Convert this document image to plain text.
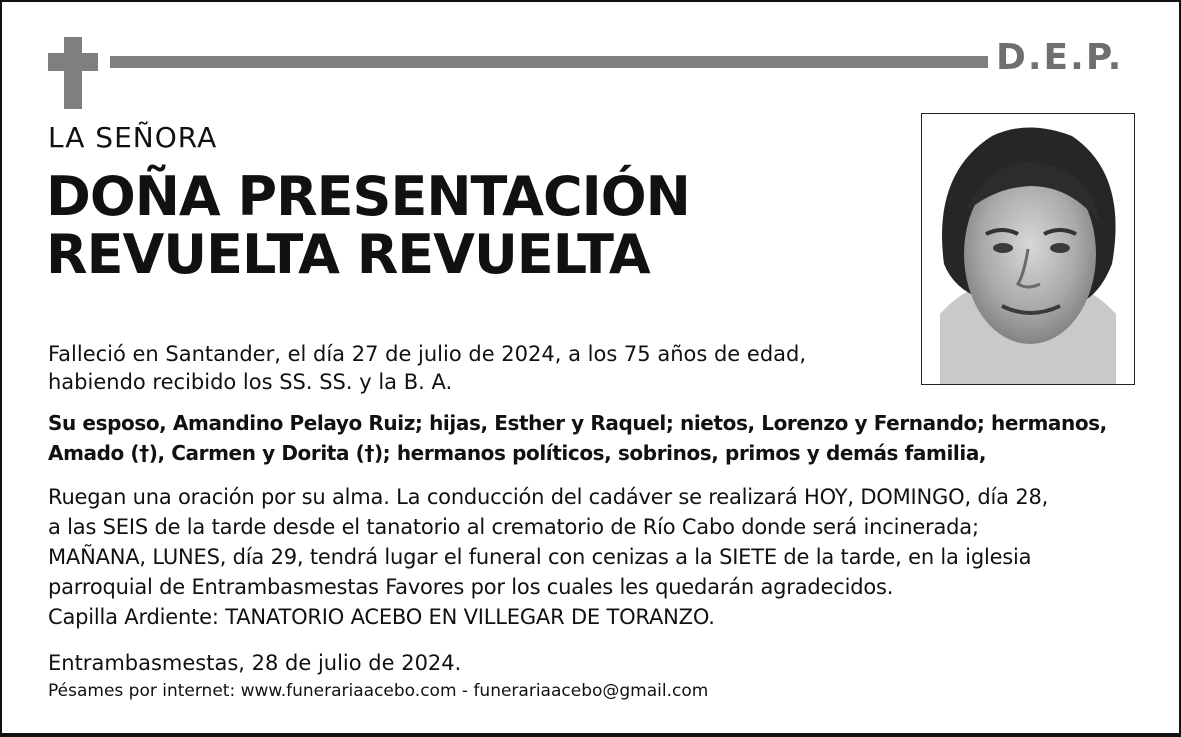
D.E.P.
LA SEÑORA
DOÑA PRESENTACIÓN
REVUELTA REVUELTA
Falleció en Santander, el día 27 de julio de 2024, a los 75 años de edad,
habiendo recibido los SS. SS. y la B. A.
Su esposo, Amandino Pelayo Ruiz; hijas, Esther y Raquel; nietos, Lorenzo y Fernando; hermanos,
Amado (†), Carmen y Dorita (†); hermanos políticos, sobrinos, primos y demás familia,
Ruegan una oración por su alma. La conducción del cadáver se realizará HOY, DOMINGO, día 28,
a las SEIS de la tarde desde el tanatorio al crematorio de Río Cabo donde será incinerada;
MAÑANA, LUNES, día 29, tendrá lugar el funeral con cenizas a la SIETE de la tarde, en la iglesia
parroquial de Entrambasmestas Favores por los cuales les quedarán agradecidos.
Capilla Ardiente: TANATORIO ACEBO EN VILLEGAR DE TORANZO.
Entrambasmestas, 28 de julio de 2024.
Pésames por internet: www.funerariaacebo.com - funerariaacebo@gmail.com
